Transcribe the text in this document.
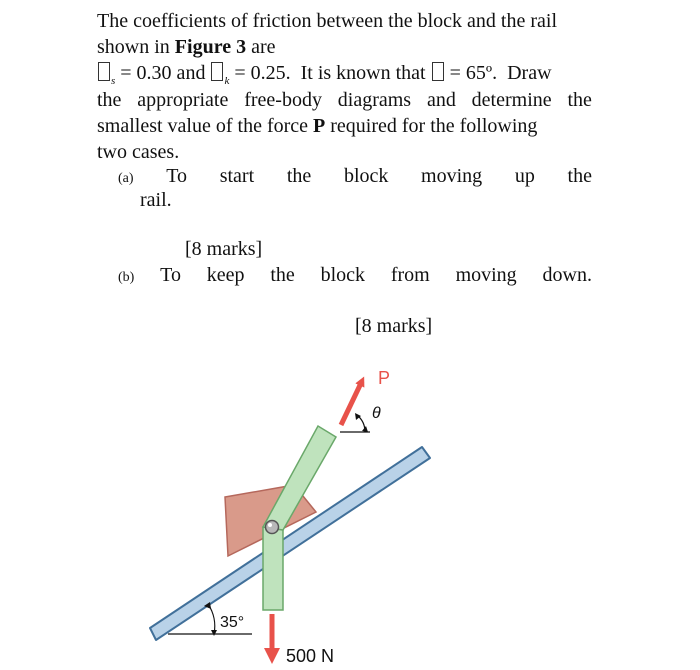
The coefficients of friction between the block and the rail
shown in Figure 3 are
$_s$ = 0.30 and $_k$ = 0.25. It is known that  = 65º. Draw
the appropriate free-body diagrams and determine the
smallest value of the force P required for the following
two cases.
(a) To start the block moving up the
rail.
[8 marks]
(b) To keep the block from moving down.
[8 marks]
P
θ
35°
500 N
